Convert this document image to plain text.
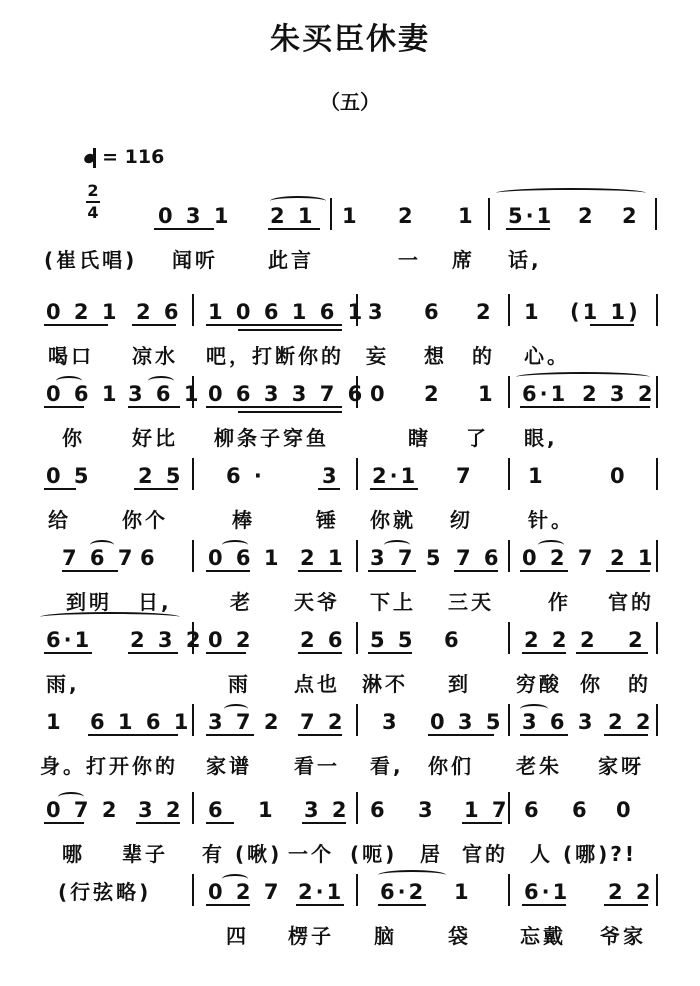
朱买臣休妻
（五）
= 116
2
4	0 3 1 2 1 1 2 1 5·1 2 2
(崔氏唱) 闻听	此言	一 席 话,
0 2 1 2 6 1 0 6 1 6 1 3 6 2 1 (1 1)
喝口 凉水 吧，打断你的 妄 想 的 心。
0 6 1 3 6 1 0 6 3 3 7 6 0 2 1 6·1 2 3 2
你 好比 柳条子穿鱼	瞎 了 眼,
0 5 2 5 6 ·	3 2·1 7	1	0
给	你个	棒	锤 你就 纫	针。
7 6 7 6 0 6 1 2 1 3 7 5 7 6 0 2 7 2 1
到明 日,	老 天爷 下上 三天	作 官的
6·1 2 3 2 0 2 2 6 5 5 6	2 2 2 2
雨,	雨 点也 淋不 到 穷酸 你 的
1 6 1 6 1 3 7 2 7 2 3 0 3 5 3 6 3 2 2
身。打开你的 家谱 看一 看, 你们 老朱 家呀
0 7 2 3 2 6 1 3 2 6 3 1 7 6 6 0
哪 辈子 有 (啾) 一个 (呃) 居 官的 人 (哪)?!
0 2 7 2·1 6·2 1 6·1 2 2
(行弦略)
四 楞子 脑	袋 忘戴 爷家
